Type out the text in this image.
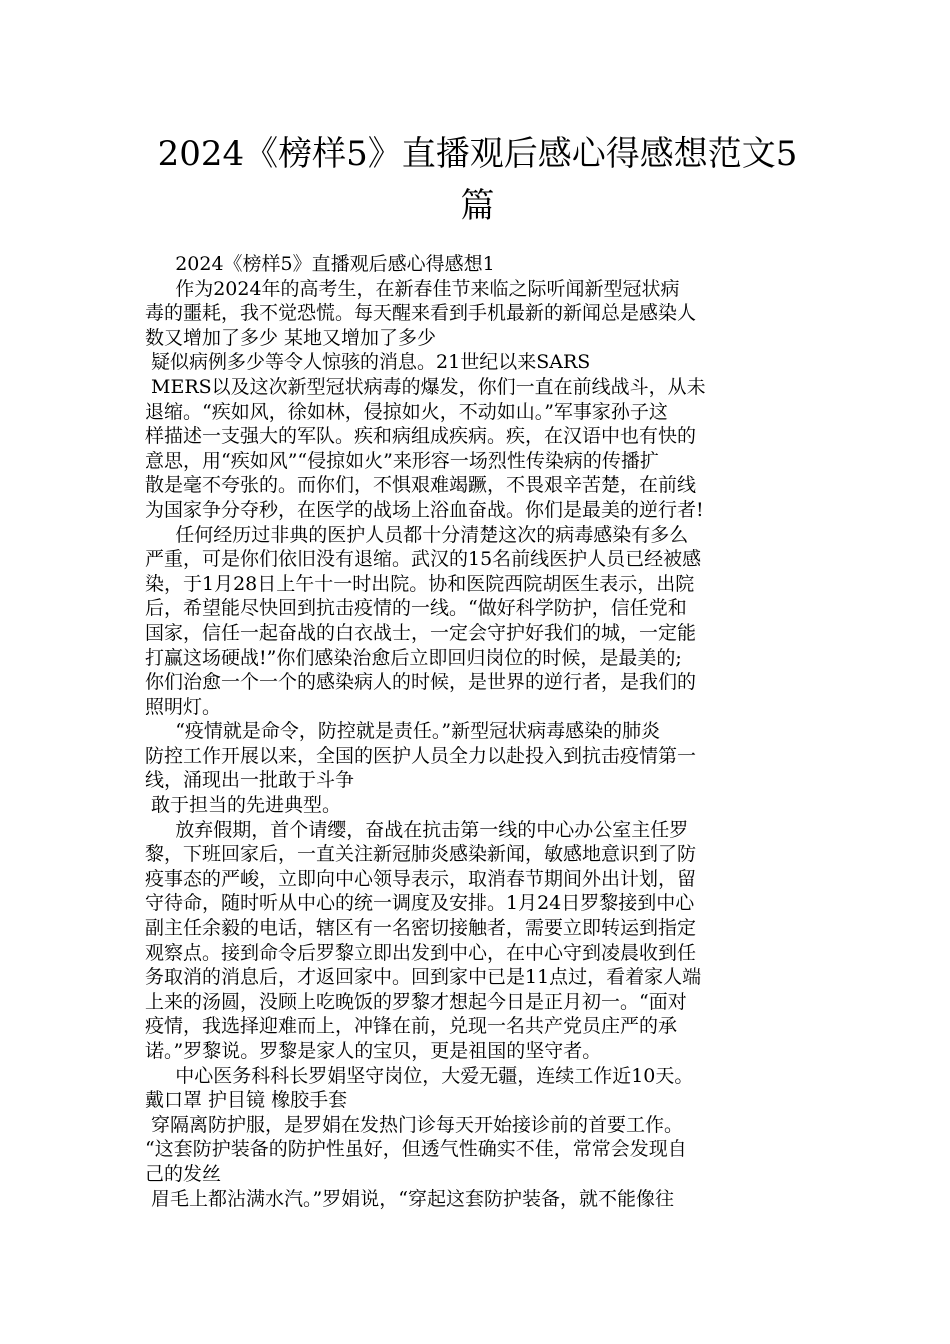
2024《榜样5》直播观后感心得感想范文5
篇
2024《榜样5》直播观后感心得感想1
作为2024年的高考生，在新春佳节来临之际听闻新型冠状病
毒的噩耗，我不觉恐慌。每天醒来看到手机最新的新闻总是感染人
数又增加了多少 某地又增加了多少
疑似病例多少等令人惊骇的消息。21世纪以来SARS
MERS以及这次新型冠状病毒的爆发，你们一直在前线战斗，从未
退缩。“疾如风，徐如林，侵掠如火，不动如山。”军事家孙子这
样描述一支强大的军队。疾和病组成疾病。疾，在汉语中也有快的
意思，用“疾如风”“侵掠如火”来形容一场烈性传染病的传播扩
散是毫不夸张的。而你们，不惧艰难竭蹶，不畏艰辛苦楚，在前线
为国家争分夺秒，在医学的战场上浴血奋战。你们是最美的逆行者!
任何经历过非典的医护人员都十分清楚这次的病毒感染有多么
严重，可是你们依旧没有退缩。武汉的15名前线医护人员已经被感
染，于1月28日上午十一时出院。协和医院西院胡医生表示，出院
后，希望能尽快回到抗击疫情的一线。“做好科学防护，信任党和
国家，信任一起奋战的白衣战士，一定会守护好我们的城，一定能
打赢这场硬战!”你们感染治愈后立即回归岗位的时候，是最美的;
你们治愈一个一个的感染病人的时候，是世界的逆行者，是我们的
照明灯。
“疫情就是命令，防控就是责任。”新型冠状病毒感染的肺炎
防控工作开展以来，全国的医护人员全力以赴投入到抗击疫情第一
线，涌现出一批敢于斗争
敢于担当的先进典型。
放弃假期，首个请缨，奋战在抗击第一线的中心办公室主任罗
黎，下班回家后，一直关注新冠肺炎感染新闻，敏感地意识到了防
疫事态的严峻，立即向中心领导表示，取消春节期间外出计划，留
守待命，随时听从中心的统一调度及安排。1月24日罗黎接到中心
副主任余毅的电话，辖区有一名密切接触者，需要立即转运到指定
观察点。接到命令后罗黎立即出发到中心，在中心守到凌晨收到任
务取消的消息后，才返回家中。回到家中已是11点过，看着家人端
上来的汤圆，没顾上吃晚饭的罗黎才想起今日是正月初一。“面对
疫情，我选择迎难而上，冲锋在前，兑现一名共产党员庄严的承
诺。”罗黎说。罗黎是家人的宝贝，更是祖国的坚守者。
中心医务科科长罗娟坚守岗位，大爱无疆，连续工作近10天。
戴口罩 护目镜 橡胶手套
穿隔离防护服，是罗娟在发热门诊每天开始接诊前的首要工作。
“这套防护装备的防护性虽好，但透气性确实不佳，常常会发现自
己的发丝
眉毛上都沾满水汽。”罗娟说，“穿起这套防护装备，就不能像往
